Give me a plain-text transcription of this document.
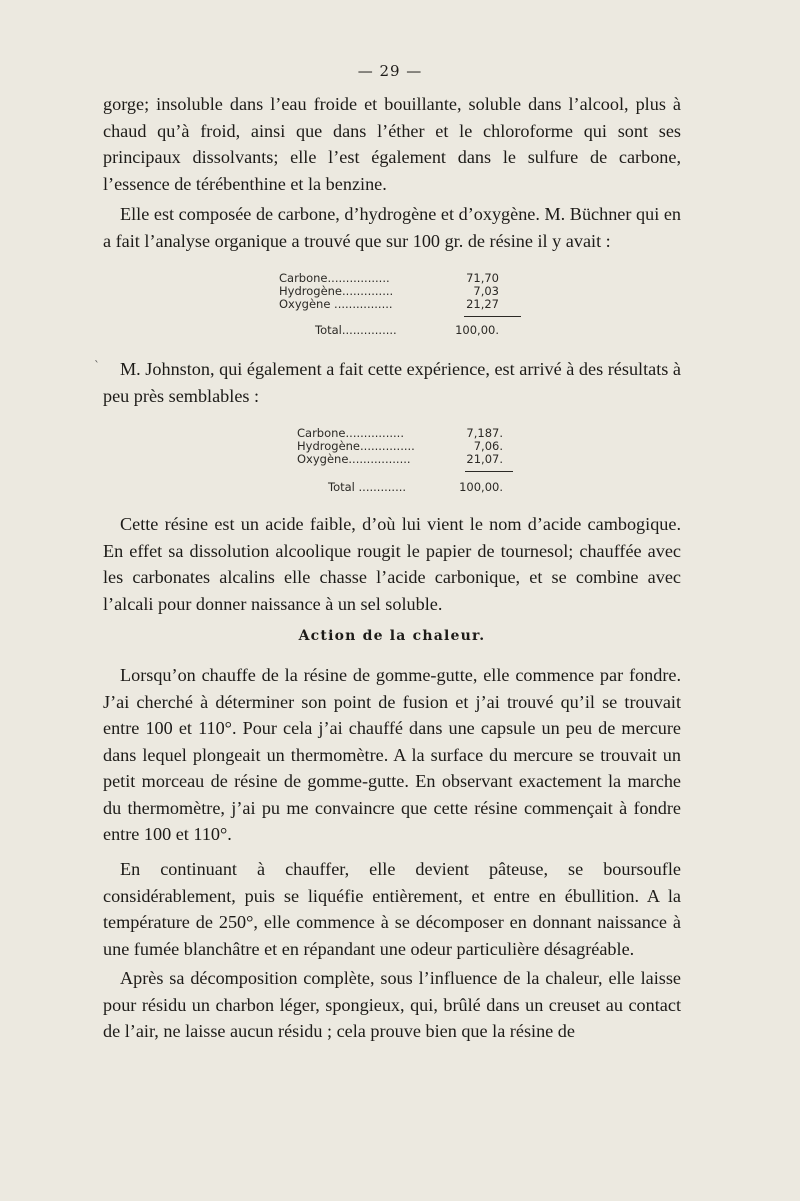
— 29 —

gorge; insoluble dans l’eau froide et bouillante, soluble dans l’alcool, plus à chaud qu’à froid, ainsi que dans l’éther et le chloroforme qui sont ses principaux dissolvants; elle l’est également dans le sulfure de carbone, l’essence de térébenthine et la benzine.

Elle est composée de carbone, d’hydrogène et d’oxygène. M. Büchner qui en a fait l’analyse organique a trouvé que sur 100 gr. de résine il y avait :

Carbone.................	71,70
Hydrogène..............	7,03
Oxygène ................	21,27
Total...............	100,00.
ˋ	M. Johnston, qui également a fait cette expérience, est arrivé à des résultats à peu près semblables :

Carbone................	7,187.
Hydrogène...............	7,06.
Oxygène.................	21,07.
Total .............	100,00.

Cette résine est un acide faible, d’où lui vient le nom d’acide cambogique. En effet sa dissolution alcoolique rougit le papier de tournesol; chauffée avec les carbonates alcalins elle chasse l’acide carbonique, et se combine avec l’alcali pour donner naissance à un sel soluble.

Action de la chaleur.

Lorsqu’on chauffe de la résine de gomme-gutte, elle commence par fondre. J’ai cherché à déterminer son point de fusion et j’ai trouvé qu’il se trouvait entre 100 et 110°. Pour cela j’ai chauffé dans une capsule un peu de mercure dans lequel plongeait un thermomètre. A la surface du mercure se trouvait un petit morceau de résine de gomme-gutte. En observant exactement la marche du thermomètre, j’ai pu me convaincre que cette résine commençait à fondre entre 100 et 110°.

En continuant à chauffer, elle devient pâteuse, se boursoufle considérablement, puis se liquéfie entièrement, et entre en ébullition. A la température de 250°, elle commence à se décomposer en donnant naissance à une fumée blanchâtre et en répandant une odeur particulière désagréable.

Après sa décomposition complète, sous l’influence de la chaleur, elle laisse pour résidu un charbon léger, spongieux, qui, brûlé dans un creuset au contact de l’air, ne laisse aucun résidu ; cela prouve bien que la résine de
